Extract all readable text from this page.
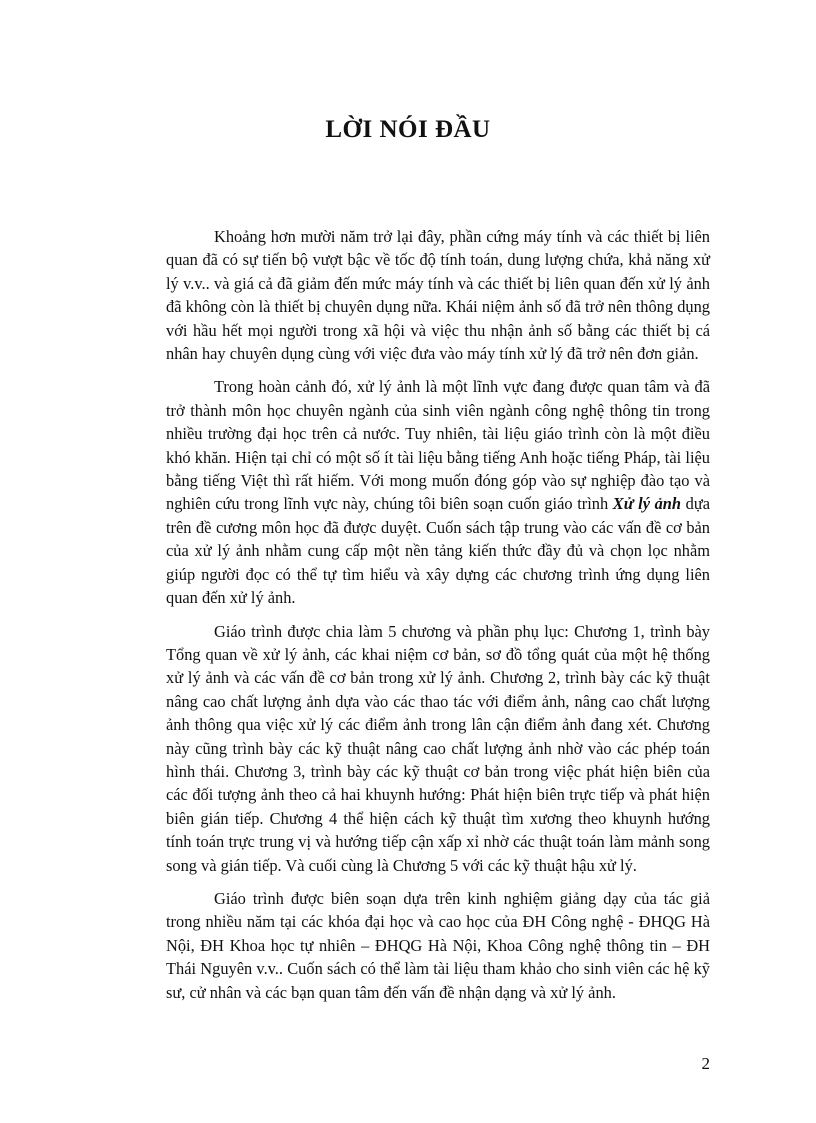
LỜI NÓI ĐẦU

Khoảng hơn mười năm trở lại đây, phần cứng máy tính và các thiết bị liên quan đã có sự tiến bộ vượt bậc về tốc độ tính toán, dung lượng chứa, khả năng xử lý v.v.. và giá cả đã giảm đến mức máy tính và các thiết bị liên quan đến xử lý ảnh đã không còn là thiết bị chuyên dụng nữa. Khái niệm ảnh số đã trở nên thông dụng với hầu hết mọi người trong xã hội và việc thu nhận ảnh số bằng các thiết bị cá nhân hay chuyên dụng cùng với việc đưa vào máy tính xử lý đã trở nên đơn giản.

Trong hoàn cảnh đó, xử lý ảnh là một lĩnh vực đang được quan tâm và đã trở thành môn học chuyên ngành của sinh viên ngành công nghệ thông tin trong nhiều trường đại học trên cả nước. Tuy nhiên, tài liệu giáo trình còn là một điều khó khăn. Hiện tại chỉ có một số ít tài liệu bằng tiếng Anh hoặc tiếng Pháp, tài liệu bằng tiếng Việt thì rất hiếm. Với mong muốn đóng góp vào sự nghiệp đào tạo và nghiên cứu trong lĩnh vực này, chúng tôi biên soạn cuốn giáo trình Xử lý ảnh dựa trên đề cương môn học đã được duyệt. Cuốn sách tập trung vào các vấn đề cơ bản của xử lý ảnh nhằm cung cấp một nền tảng kiến thức đầy đủ và chọn lọc nhằm giúp người đọc có thể tự tìm hiểu và xây dựng các chương trình ứng dụng liên quan đến xử lý ảnh.

Giáo trình được chia làm 5 chương và phần phụ lục: Chương 1, trình bày Tổng quan về xử lý ảnh, các khai niệm cơ bản, sơ đồ tổng quát của một hệ thống xử lý ảnh và các vấn đề cơ bản trong xử lý ảnh. Chương 2, trình bày các kỹ thuật nâng cao chất lượng ảnh dựa vào các thao tác với điểm ảnh, nâng cao chất lượng ảnh thông qua việc xử lý các điểm ảnh trong lân cận điểm ảnh đang xét. Chương này cũng trình bày các kỹ thuật nâng cao chất lượng ảnh nhờ vào các phép toán hình thái. Chương 3, trình bày các kỹ thuật cơ bản trong việc phát hiện biên của các đối tượng ảnh theo cả hai khuynh hướng: Phát hiện biên trực tiếp và phát hiện biên gián tiếp. Chương 4 thể hiện cách kỹ thuật tìm xương theo khuynh hướng tính toán trực trung vị và hướng tiếp cận xấp xỉ nhờ các thuật toán làm mảnh song song và gián tiếp. Và cuối cùng là Chương 5 với các kỹ thuật hậu xử lý.

Giáo trình được biên soạn dựa trên kinh nghiệm giảng dạy của tác giả trong nhiều năm tại các khóa đại học và cao học của ĐH Công nghệ - ĐHQG Hà Nội, ĐH Khoa học tự nhiên – ĐHQG Hà Nội, Khoa Công nghệ thông tin – ĐH Thái Nguyên v.v.. Cuốn sách có thể làm tài liệu tham khảo cho sinh viên các hệ kỹ sư, cử nhân và các bạn quan tâm đến vấn đề nhận dạng và xử lý ảnh.

2
